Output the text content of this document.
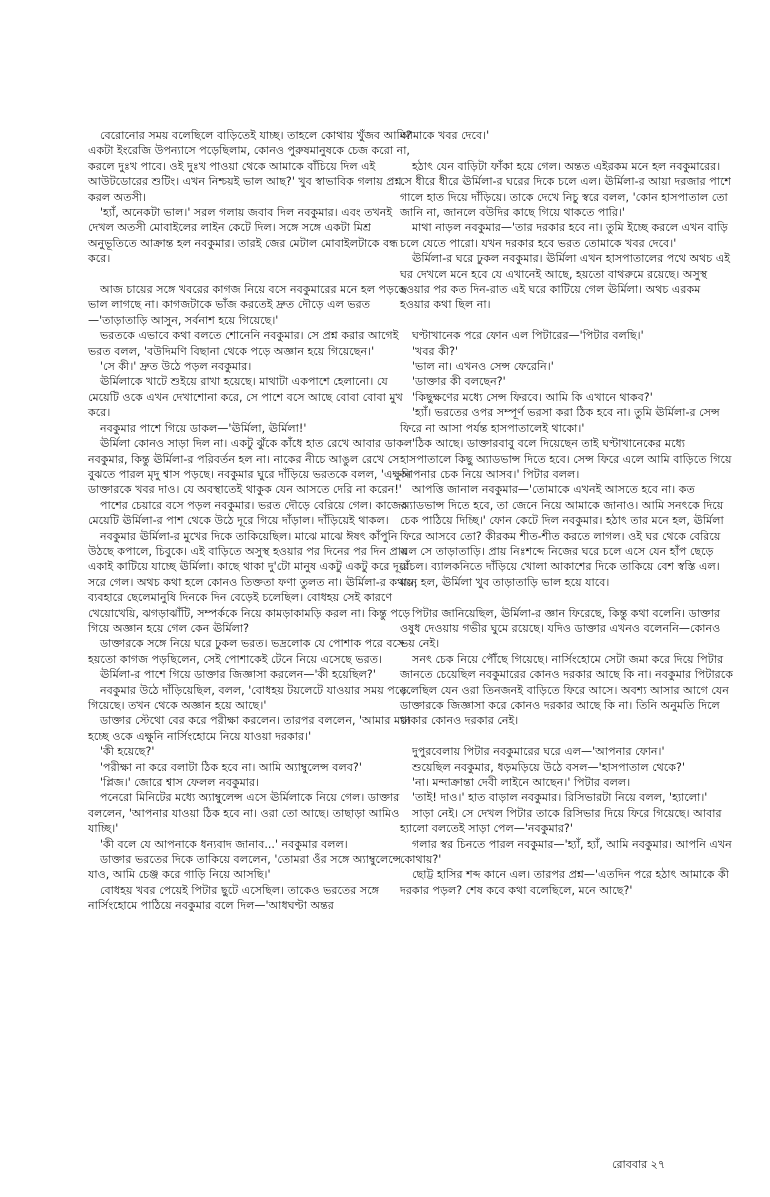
বেরোনোর সময় বলেছিলে বাড়িতেই যাচ্ছ। তাহলে কোথায় খুঁজব আমি? একটা ইংরেজি উপন্যাসে পড়েছিলাম, কোনও পুরুষমানুষকে চেজ করো না, করলে দুঃখ পাবে। ওই দুঃখ পাওয়া থেকে আমাকে বাঁচিয়ে দিল এই আউটডোরের শুটিং। এখন নিশ্চয়ই ভাল আছ?' খুব স্বাভাবিক গলায় প্রশ্ন করল অতসী।

'হ্যাঁ, অনেকটা ভাল।' সরল গলায় জবাব দিল নবকুমার। এবং তখনই দেখল অতসী মোবাইলের লাইন কেটে দিল। সঙ্গে সঙ্গে একটা মিশ্র অনুভূতিতে আক্রান্ত হল নবকুমার। তারই জের মেটাল মোবাইলটাকে বন্ধ করে।

আজ চায়ের সঙ্গে খবরের কাগজ নিয়ে বসে নবকুমারের মনে হল পড়তে ভাল লাগছে না। কাগজটাকে ভাঁজ করতেই দ্রুত দৌড়ে এল ভরত—'তাড়াতাড়ি আসুন, সর্বনাশ হয়ে গিয়েছে।'

ভরতকে এভাবে কথা বলতে শোনেনি নবকুমার। সে প্রশ্ন করার আগেই ভরত বলল, 'বউদিমণি বিছানা থেকে পড়ে অজ্ঞান হয়ে গিয়েছেন।'

'সে কী।' দ্রুত উঠে পড়ল নবকুমার।

ঊর্মিলাকে খাটে শুইয়ে রাখা হয়েছে। মাথাটা একপাশে হেলানো। যে মেয়েটি ওকে এখন দেখাশোনা করে, সে পাশে বসে আছে বোবা বোবা মুখ করে।

নবকুমার পাশে গিয়ে ডাকল—'ঊর্মিলা, ঊর্মিলা!'

ঊর্মিলা কোনও সাড়া দিল না। একটু ঝুঁকে কাঁধে হাত রেখে আবার ডাকল নবকুমার, কিন্তু ঊর্মিলা-র পরিবর্তন হল না। নাকের নীচে আঙুল রেখে সে বুঝতে পারল মৃদু শ্বাস পড়ছে। নবকুমার ঘুরে দাঁড়িয়ে ভরতকে বলল, 'এক্ষুনি ডাক্তারকে খবর দাও। যে অবস্থাতেই থাকুক যেন আসতে দেরি না করেন!'

পাশের চেয়ারে বসে পড়ল নবকুমার। ভরত দৌড়ে বেরিয়ে গেল। কাজের মেয়েটি ঊর্মিলা-র পাশ থেকে উঠে দূরে গিয়ে দাঁড়াল। দাঁড়িয়েই থাকল।

নবকুমার ঊর্মিলা-র মুখের দিকে তাকিয়েছিল। মাঝে মাঝে ঈষৎ কাঁপুনি উঠছে কপালে, চিবুকে। এই বাড়িতে অসুস্থ হওয়ার পর দিনের পর দিন প্রায় একাই কাটিয়ে যাচ্ছে ঊর্মিলা। কাছে থাকা দু'টো মানুষ একটু একটু করে দূরে সরে গেল। অথচ কথা হলে কোনও তিক্ততা ফণা তুলত না। ঊর্মিলা-র কথায়, ব্যবহারে ছেলেমানুষি দিনকে দিন বেড়েই চলেছিল। বোধহয় সেই কারণে খেয়োখেয়ি, ঝগড়াঝাঁটি, সম্পর্ককে নিয়ে কামড়াকামড়ি করল না। কিন্তু পড়ে গিয়ে অজ্ঞান হয়ে গেল কেন ঊর্মিলা?

ডাক্তারকে সঙ্গে নিয়ে ঘরে ঢুকল ভরত। ভদ্রলোক যে পোশাক পরে বসে হয়তো কাগজ পড়ছিলেন, সেই পোশাকেই টেনে নিয়ে এসেছে ভরত।

ঊর্মিলা-র পাশে গিয়ে ডাক্তার জিজ্ঞাসা করলেন—'কী হয়েছিল?'

নবকুমার উঠে দাঁড়িয়েছিল, বলল, 'বোধহয় টয়লেটে যাওয়ার সময় পড়ে গিয়েছে। তখন থেকে অজ্ঞান হয়ে আছে।'

ডাক্তার স্টেথো বের করে পরীক্ষা করলেন। তারপর বললেন, 'আমার মনে হচ্ছে ওকে এক্ষুনি নার্সিংহোমে নিয়ে যাওয়া দরকার।'

'কী হয়েছে?'

'পরীক্ষা না করে বলাটা ঠিক হবে না। আমি অ্যাম্বুলেন্স বলব?'

'প্লিজ।' জোরে শ্বাস ফেলল নবকুমার।

পনেরো মিনিটের মধ্যে অ্যাম্বুলেন্স এসে ঊর্মিলাকে নিয়ে গেল। ডাক্তার বললেন, 'আপনার যাওয়া ঠিক হবে না। ওরা তো আছে। তাছাড়া আমিও যাচ্ছি।'

'কী বলে যে আপনাকে ধন্যবাদ জানাব...' নবকুমার বলল।

ডাক্তার ভরতের দিকে তাকিয়ে বললেন, 'তোমরা ওঁর সঙ্গে অ্যাম্বুলেন্সে যাও, আমি চেঞ্জ করে গাড়ি নিয়ে আসছি।'

বোধহয় খবর পেয়েই পিটার ছুটে এসেছিল। তাকেও ভরতের সঙ্গে নার্সিংহোমে পাঠিয়ে নবকুমার বলে দিল—'আধঘণ্টা অন্তর

আমাকে খবর দেবে।'

হঠাৎ যেন বাড়িটা ফাঁকা হয়ে গেল। অন্তত এইরকম মনে হল নবকুমারের। সে ধীরে ধীরে ঊর্মিলা-র ঘরের দিকে চলে এল। ঊর্মিলা-র আয়া দরজার পাশে গালে হাত দিয়ে দাঁড়িয়ে। তাকে দেখে নিচু স্বরে বলল, 'কোন হাসপাতাল তো জানি না, জানলে বউদির কাছে গিয়ে থাকতে পারি।'

মাথা নাড়ল নবকুমার—'তার দরকার হবে না। তুমি ইচ্ছে করলে এখন বাড়ি চলে যেতে পারো। যখন দরকার হবে ভরত তোমাকে খবর দেবে।'

ঊর্মিলা-র ঘরে ঢুকল নবকুমার। ঊর্মিলা এখন হাসপাতালের পথে অথচ এই ঘর দেখলে মনে হবে যে এখানেই আছে, হয়তো বাথরুমে রয়েছে। অসুস্থ হওয়ার পর কত দিন-রাত এই ঘরে কাটিয়ে গেল ঊর্মিলা। অথচ এরকম হওয়ার কথা ছিল না।

ঘণ্টাখানেক পরে ফোন এল পিটারের—'পিটার বলছি।'

'খবর কী?'

'ভাল না। এখনও সেন্স ফেরেনি।'

'ডাক্তার কী বলছেন?'

'কিছুক্ষণের মধ্যে সেন্স ফিরবে। আমি কি এখানে থাকব?'

'হ্যাঁ। ভরতের ওপর সম্পূর্ণ ভরসা করা ঠিক হবে না। তুমি ঊর্মিলা-র সেন্স ফিরে না আসা পর্যন্ত হাসপাতালেই থাকো।'

'ঠিক আছে। ডাক্তারবাবু বলে দিয়েছেন তাই ঘণ্টাখানেকের মধ্যে হাসপাতালে কিছু অ্যাডভান্স দিতে হবে। সেন্স ফিরে এলে আমি বাড়িতে গিয়ে আপনার চেক নিয়ে আসব।' পিটার বলল।

আপত্তি জানাল নবকুমার—'তোমাকে এখনই আসতে হবে না। কত অ্যাডভান্স দিতে হবে, তা জেনে নিয়ে আমাকে জানাও। আমি সনৎকে দিয়ে চেক পাঠিয়ে দিচ্ছি।' ফোন কেটে দিল নবকুমার। হঠাৎ তার মনে হল, ঊর্মিলা ফিরে আসবে তো? কীরকম শীত-শীত করতে লাগল। ওই ঘর থেকে বেরিয়ে এল সে তাড়াতাড়ি। প্রায় নিঃশব্দে নিজের ঘরে চলে এসে যেন হাঁপ ছেড়ে বাঁচল। ব্যালকনিতে দাঁড়িয়ে খোলা আকাশের দিকে তাকিয়ে বেশ স্বস্তি এল। মনে হল, ঊর্মিলা খুব তাড়াতাড়ি ভাল হয়ে যাবে।

পিটার জানিয়েছিল, ঊর্মিলা-র জ্ঞান ফিরেছে, কিন্তু কথা বলেনি। ডাক্তার ওষুধ দেওয়ায় গভীর ঘুমে রয়েছে। যদিও ডাক্তার এখনও বলেননি—কোনও ভয় নেই।

সনৎ চেক নিয়ে পৌঁছে গিয়েছে। নার্সিংহোমে সেটা জমা করে দিয়ে পিটার জানতে চেয়েছিল নবকুমারের কোনও দরকার আছে কি না। নবকুমার পিটারকে বলেছিল যেন ওরা তিনজনই বাড়িতে ফিরে আসে। অবশ্য আসার আগে যেন ডাক্তারকে জিজ্ঞাসা করে কোনও দরকার আছে কি না। তিনি অনুমতি দিলে থাকার কোনও দরকার নেই।

দুপুরবেলায় পিটার নবকুমারের ঘরে এল—'আপনার ফোন।'

শুয়েছিল নবকুমার, ধড়মড়িয়ে উঠে বসল—'হাসপাতাল থেকে?'

'না। মন্দাক্রান্তা দেবী লাইনে আছেন।' পিটার বলল।

'তাই! দাও।' হাত বাড়াল নবকুমার। রিসিভারটা নিয়ে বলল, 'হ্যালো।'

সাড়া নেই। সে দেখল পিটার তাকে রিসিভার দিয়ে ফিরে গিয়েছে। আবার হ্যালো বলতেই সাড়া পেল—'নবকুমার?'

গলার স্বর চিনতে পারল নবকুমার—'হ্যাঁ, হ্যাঁ, আমি নবকুমার। আপনি এখন কোথায়?'

ছোট্ট হাসির শব্দ কানে এল। তারপর প্রশ্ন—'এতদিন পরে হঠাৎ আমাকে কী দরকার পড়ল? শেষ কবে কথা বলেছিলে, মনে আছে?'

রোববার ২৭
